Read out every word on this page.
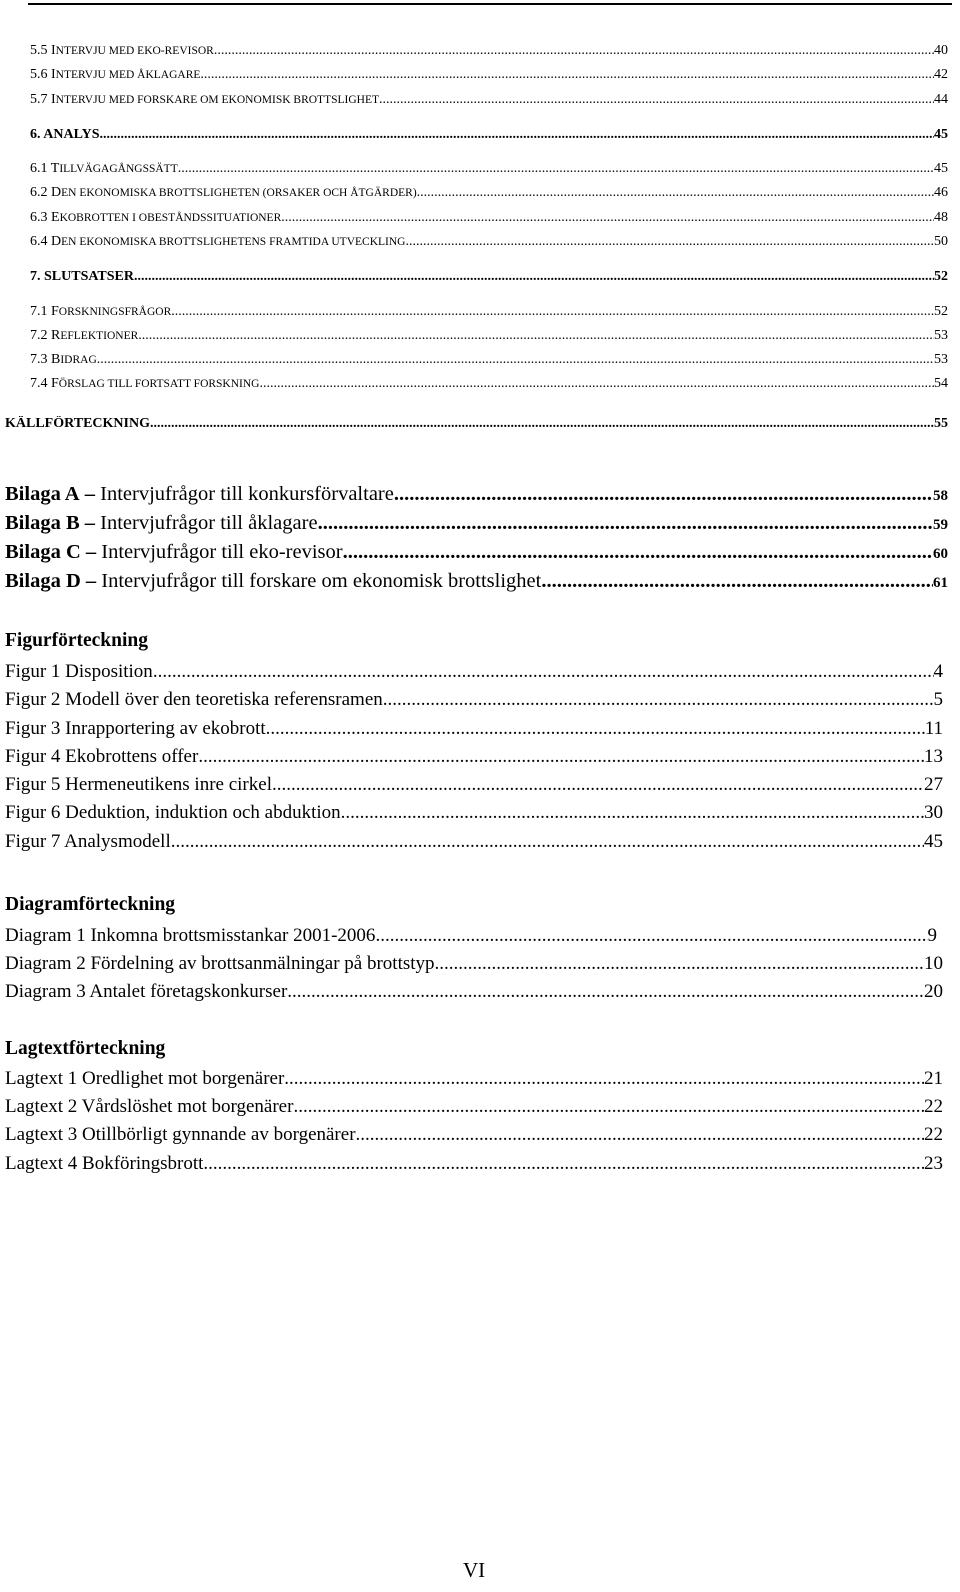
5.5 INTERVJU MED EKO-REVISOR .....	40
5.6 INTERVJU MED ÅKLAGARE .....	42
5.7 INTERVJU MED FORSKARE OM EKONOMISK BROTTSLIGHET .....	44
6. ANALYS .....	45
6.1 TILLVÄGAGÅNGSSÄTT .....	45
6.2 DEN EKONOMISKA BROTTSLIGHETEN (ORSAKER OCH ÅTGÄRDER) .....	46
6.3 EKOBROTTEN I OBESTÅNDSSITUATIONER .....	48
6.4 DEN EKONOMISKA BROTTSLIGHETENS FRAMTIDA UTVECKLING .....	50
7. SLUTSATSER .....	52
7.1 FORSKNINGSFRÅGOR .....	52
7.2 REFLEKTIONER .....	53
7.3 BIDRAG .....	53
7.4 FÖRSLAG TILL FORTSATT FORSKNING .....	54
KÄLLFÖRTECKNING .....	55
Bilaga A – Intervjufrågor till konkursförvaltare .....	58
Bilaga B – Intervjufrågor till åklagare .....	59
Bilaga C – Intervjufrågor till eko-revisor .....	60
Bilaga D – Intervjufrågor till forskare om ekonomisk brottslighet .....	61
Figurförteckning
Figur 1 Disposition .....	4
Figur 2 Modell över den teoretiska referensramen .....	5
Figur 3 Inrapportering av ekobrott .....	11
Figur 4 Ekobrottens offer .....	13
Figur 5 Hermeneutikens inre cirkel .....	27
Figur 6 Deduktion, induktion och abduktion .....	30
Figur 7 Analysmodell .....	45
Diagramförteckning
Diagram 1 Inkomna brottsmisstankar 2001-2006 .....	9
Diagram 2 Fördelning av brottsanmälningar på brottstyp .....	10
Diagram 3 Antalet företagskonkurser .....	20
Lagtextförteckning
Lagtext 1 Oredlighet mot borgenärer .....	21
Lagtext 2 Vårdslöshet mot borgenärer .....	22
Lagtext 3 Otillbörligt gynnande av borgenärer .....	22
Lagtext 4 Bokföringsbrott .....	23
VI
